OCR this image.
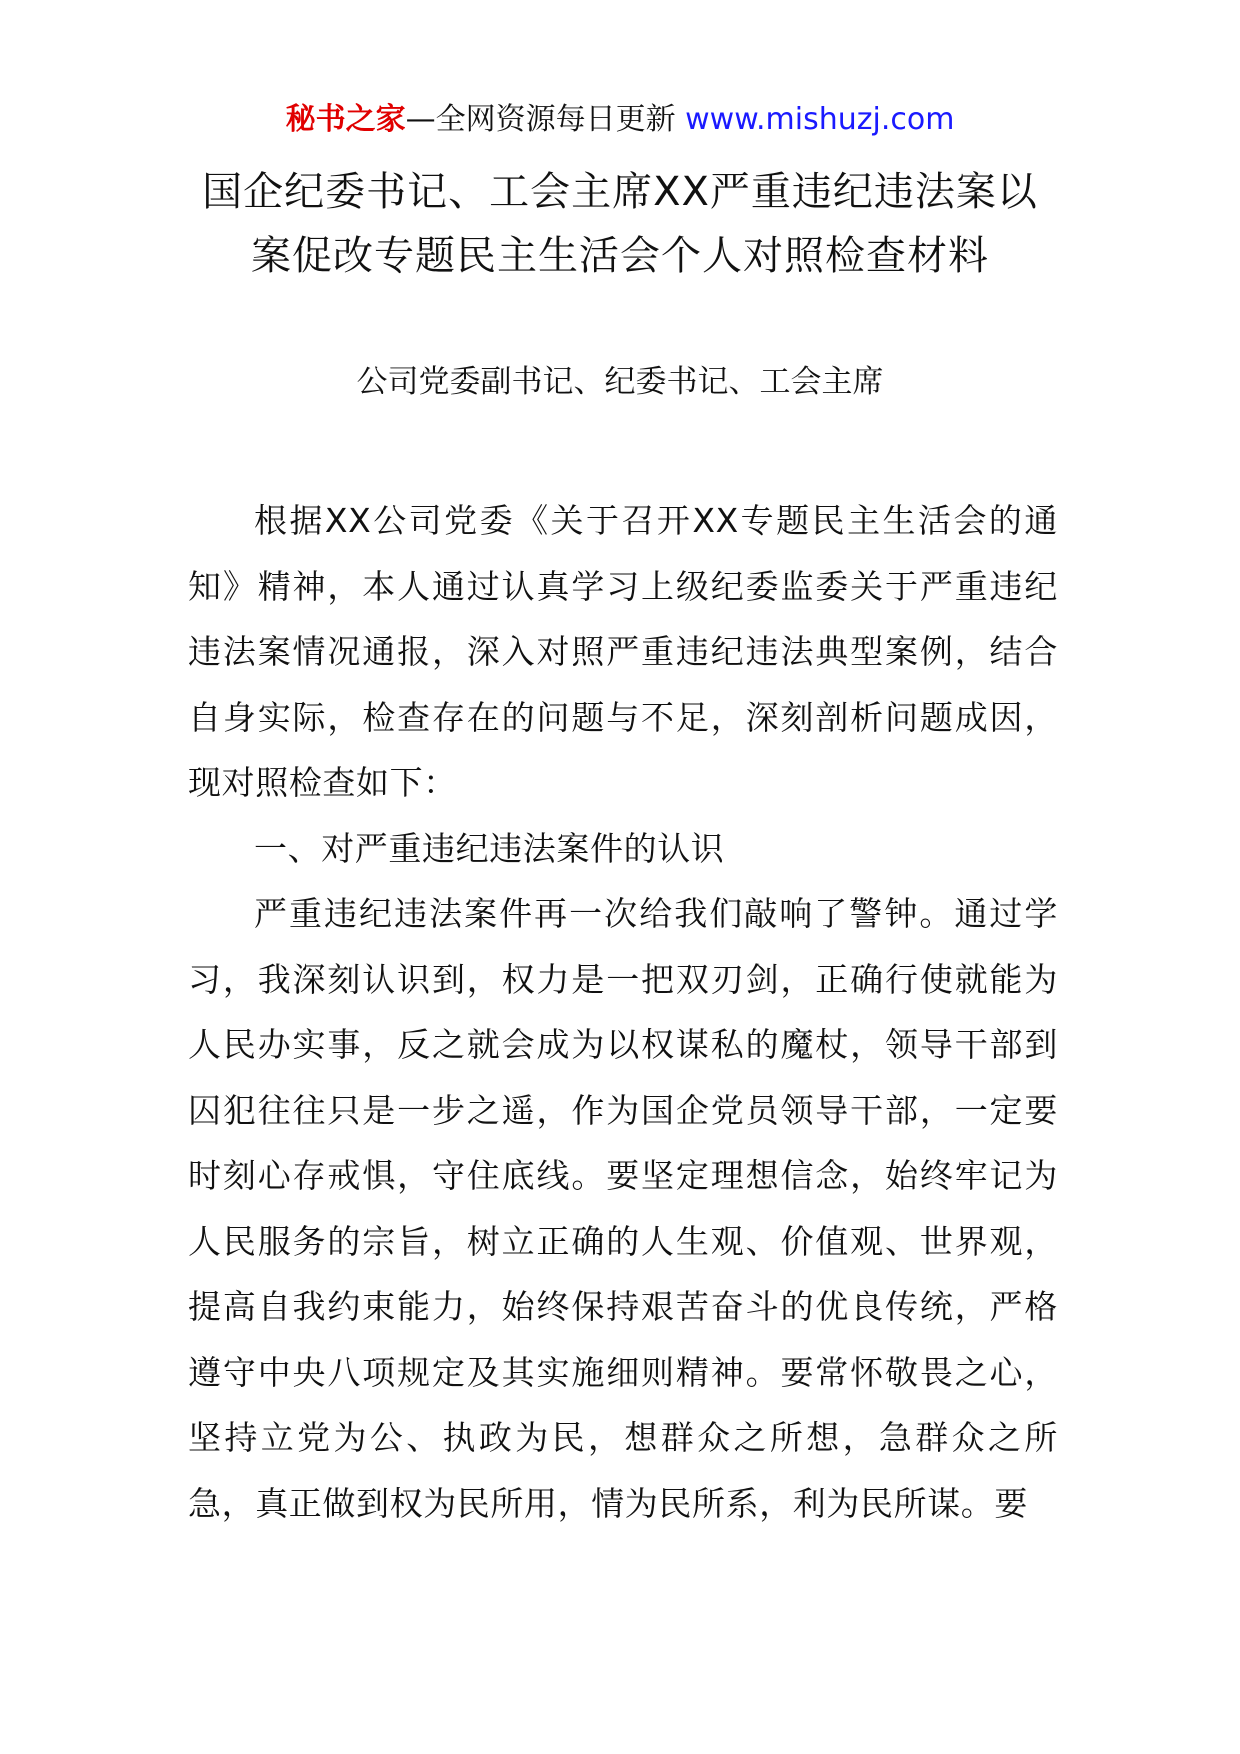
秘书之家—全网资源每日更新 www.mishuzj.com
国企纪委书记、工会主席XX严重违纪违法案以
案促改专题民主生活会个人对照检查材料
公司党委副书记、纪委书记、工会主席

根据XX公司党委《关于召开XX专题民主生活会的通知》精神，本人通过认真学习上级纪委监委关于严重违纪违法案情况通报，深入对照严重违纪违法典型案例，结合自身实际，检查存在的问题与不足，深刻剖析问题成因，现对照检查如下：

一、对严重违纪违法案件的认识

严重违纪违法案件再一次给我们敲响了警钟。通过学习，我深刻认识到，权力是一把双刃剑，正确行使就能为人民办实事，反之就会成为以权谋私的魔杖，领导干部到囚犯往往只是一步之遥，作为国企党员领导干部，一定要时刻心存戒惧，守住底线。要坚定理想信念，始终牢记为人民服务的宗旨，树立正确的人生观、价值观、世界观，提高自我约束能力，始终保持艰苦奋斗的优良传统，严格遵守中央八项规定及其实施细则精神。要常怀敬畏之心，坚持立党为公、执政为民，想群众之所想，急群众之所急，真正做到权为民所用，情为民所系，利为民所谋。要
